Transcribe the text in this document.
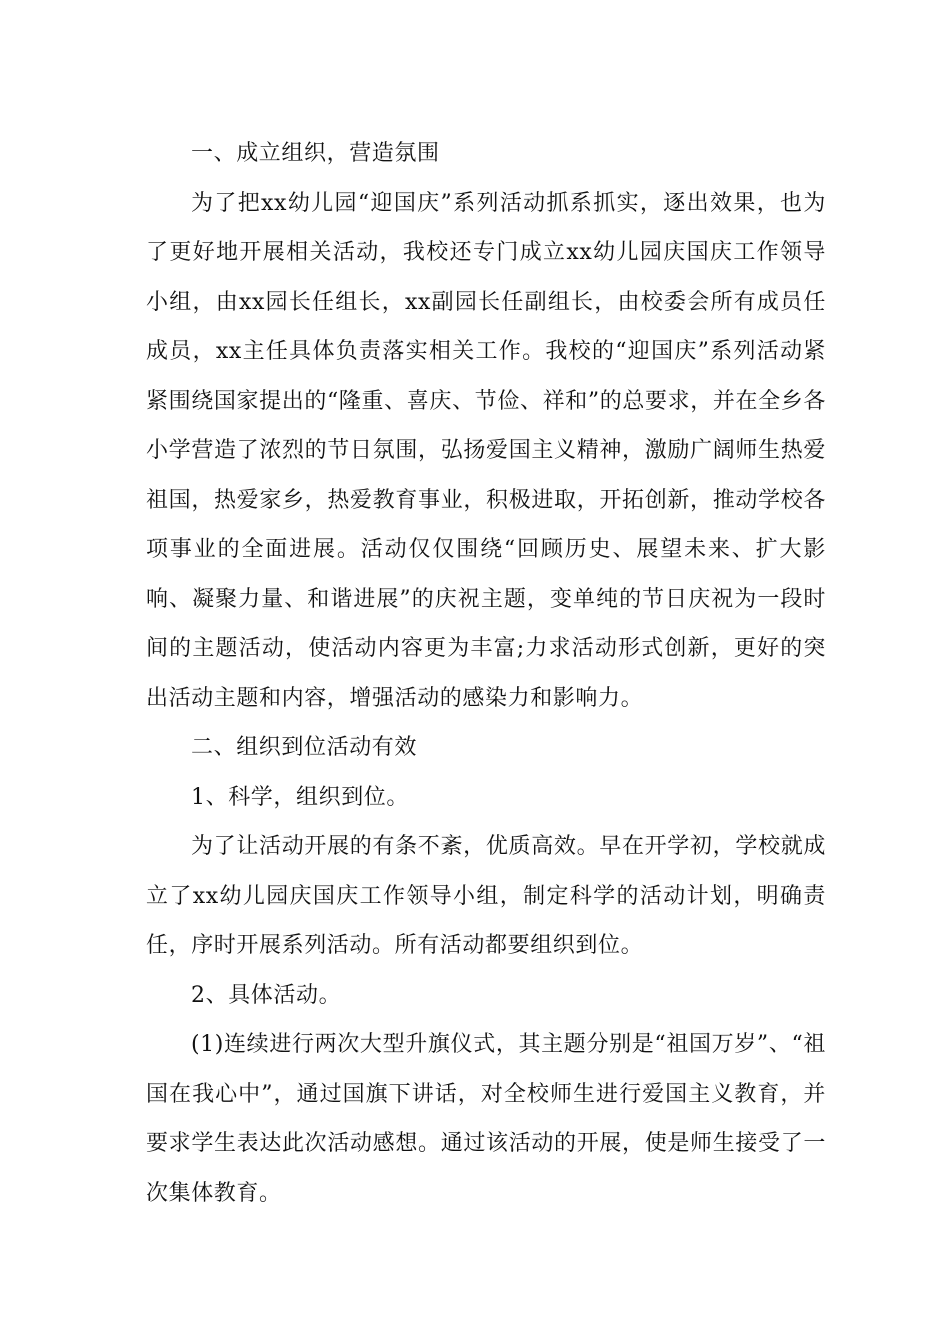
一、成立组织，营造氛围

为了把xx幼儿园“迎国庆”系列活动抓系抓实，逐出效果，也为了更好地开展相关活动，我校还专门成立xx幼儿园庆国庆工作领导小组，由xx园长任组长，xx副园长任副组长，由校委会所有成员任成员，xx主任具体负责落实相关工作。我校的“迎国庆”系列活动紧紧围绕国家提出的“隆重、喜庆、节俭、祥和”的总要求，并在全乡各小学营造了浓烈的节日氛围，弘扬爱国主义精神，激励广阔师生热爱祖国，热爱家乡，热爱教育事业，积极进取，开拓创新，推动学校各项事业的全面进展。活动仅仅围绕“回顾历史、展望未来、扩大影响、凝聚力量、和谐进展”的庆祝主题，变单纯的节日庆祝为一段时间的主题活动，使活动内容更为丰富;力求活动形式创新，更好的突出活动主题和内容，增强活动的感染力和影响力。

二、组织到位活动有效

1、科学，组织到位。

为了让活动开展的有条不紊，优质高效。早在开学初，学校就成立了xx幼儿园庆国庆工作领导小组，制定科学的活动计划，明确责任，序时开展系列活动。所有活动都要组织到位。

2、具体活动。

(1)连续进行两次大型升旗仪式，其主题分别是“祖国万岁”、“祖国在我心中”，通过国旗下讲话，对全校师生进行爱国主义教育，并要求学生表达此次活动感想。通过该活动的开展，使是师生接受了一次集体教育。
